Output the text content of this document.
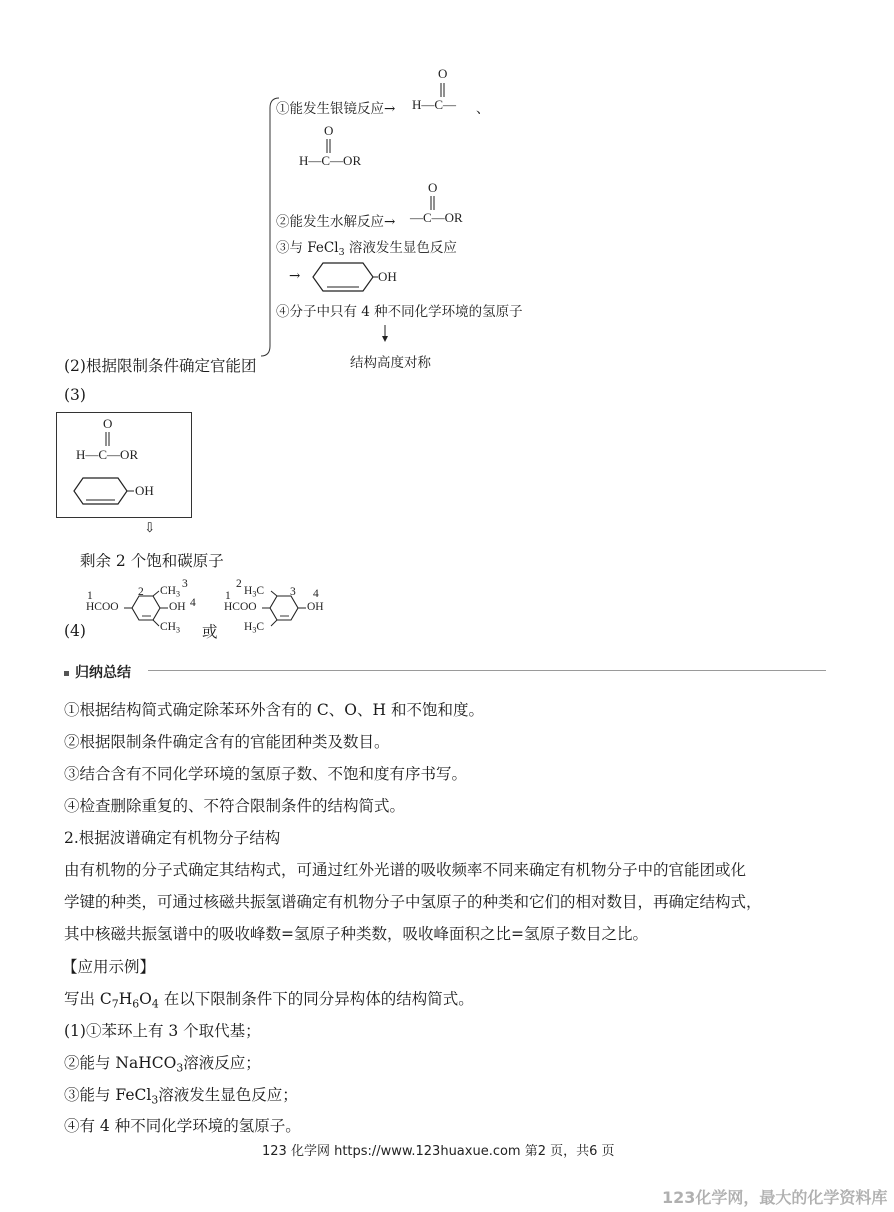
O
①能发生银镜反应→ H—C— 、
O
H—C—OR
O
②能发生水解反应→ —C—OR
③与 FeCl$_3$ 溶液发生显色反应
→	OH
④分子中只有 4 种不同化学环境的氢原子
结构高度对称
(2)根据限制条件确定官能团
(3)
O
H—C—OR
OH
⇩
剩余 2 个饱和碳原子
(4)
1
HCOO
2 $CH_3$
3
OH 4
$CH_3$
1
HCOO
2
$H_3C$ 3
OH
4
$H_3C$
或
归纳总结

①根据结构简式确定除苯环外含有的 C、O、H 和不饱和度。

②根据限制条件确定含有的官能团种类及数目。

③结合含有不同化学环境的氢原子数、不饱和度有序书写。

④检查删除重复的、不符合限制条件的结构简式。

2.根据波谱确定有机物分子结构

由有机物的分子式确定其结构式，可通过红外光谱的吸收频率不同来确定有机物分子中的官能团或化

学键的种类，可通过核磁共振氢谱确定有机物分子中氢原子的种类和它们的相对数目，再确定结构式，

其中核磁共振氢谱中的吸收峰数=氢原子种类数，吸收峰面积之比=氢原子数目之比。

【应用示例】

写出 $C_7H_6O_4$ 在以下限制条件下的同分异构体的结构简式。

(1)①苯环上有 3 个取代基；

②能与 NaHCO$_3$溶液反应；

③能与 FeCl$_3$溶液发生显色反应；

④有 4 种不同化学环境的氢原子。

123 化学网 https://www.123huaxue.com 第2 页，共6 页
123化学网，最大的化学资料库
